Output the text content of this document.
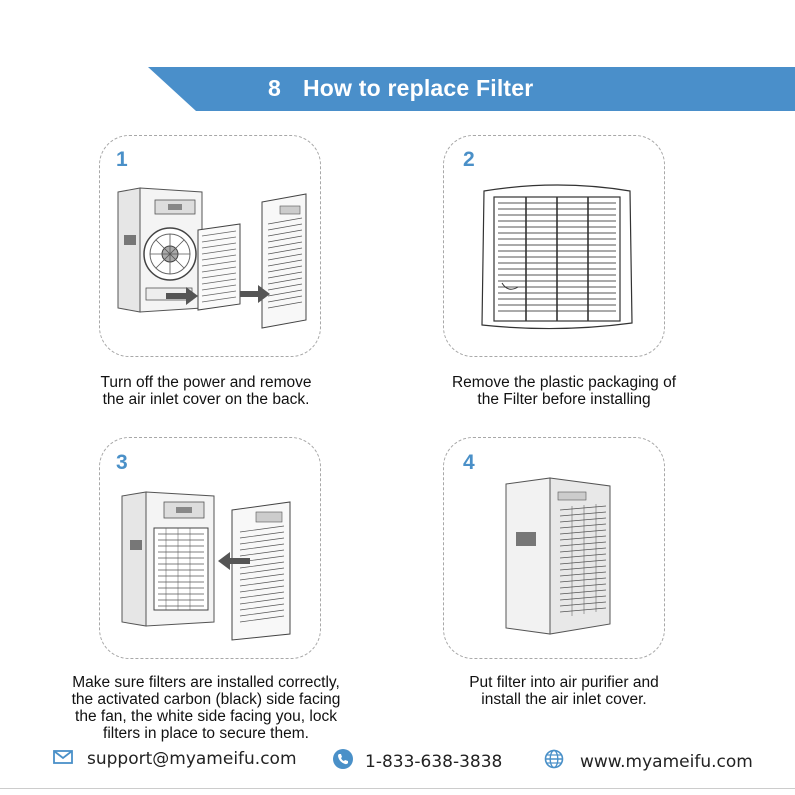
8 How to replace Filter
1
Turn off the power and remove
the air inlet cover on the back.
2
Remove the plastic packaging of
the Filter before installing
3
Make sure filters are installed correctly,
the activated carbon (black) side facing
the fan, the white side facing you, lock
filters in place to secure them.
4
Put filter into air purifier and
install the air inlet cover.
support@myameifu.com	1-833-638-3838	www.myameifu.com
